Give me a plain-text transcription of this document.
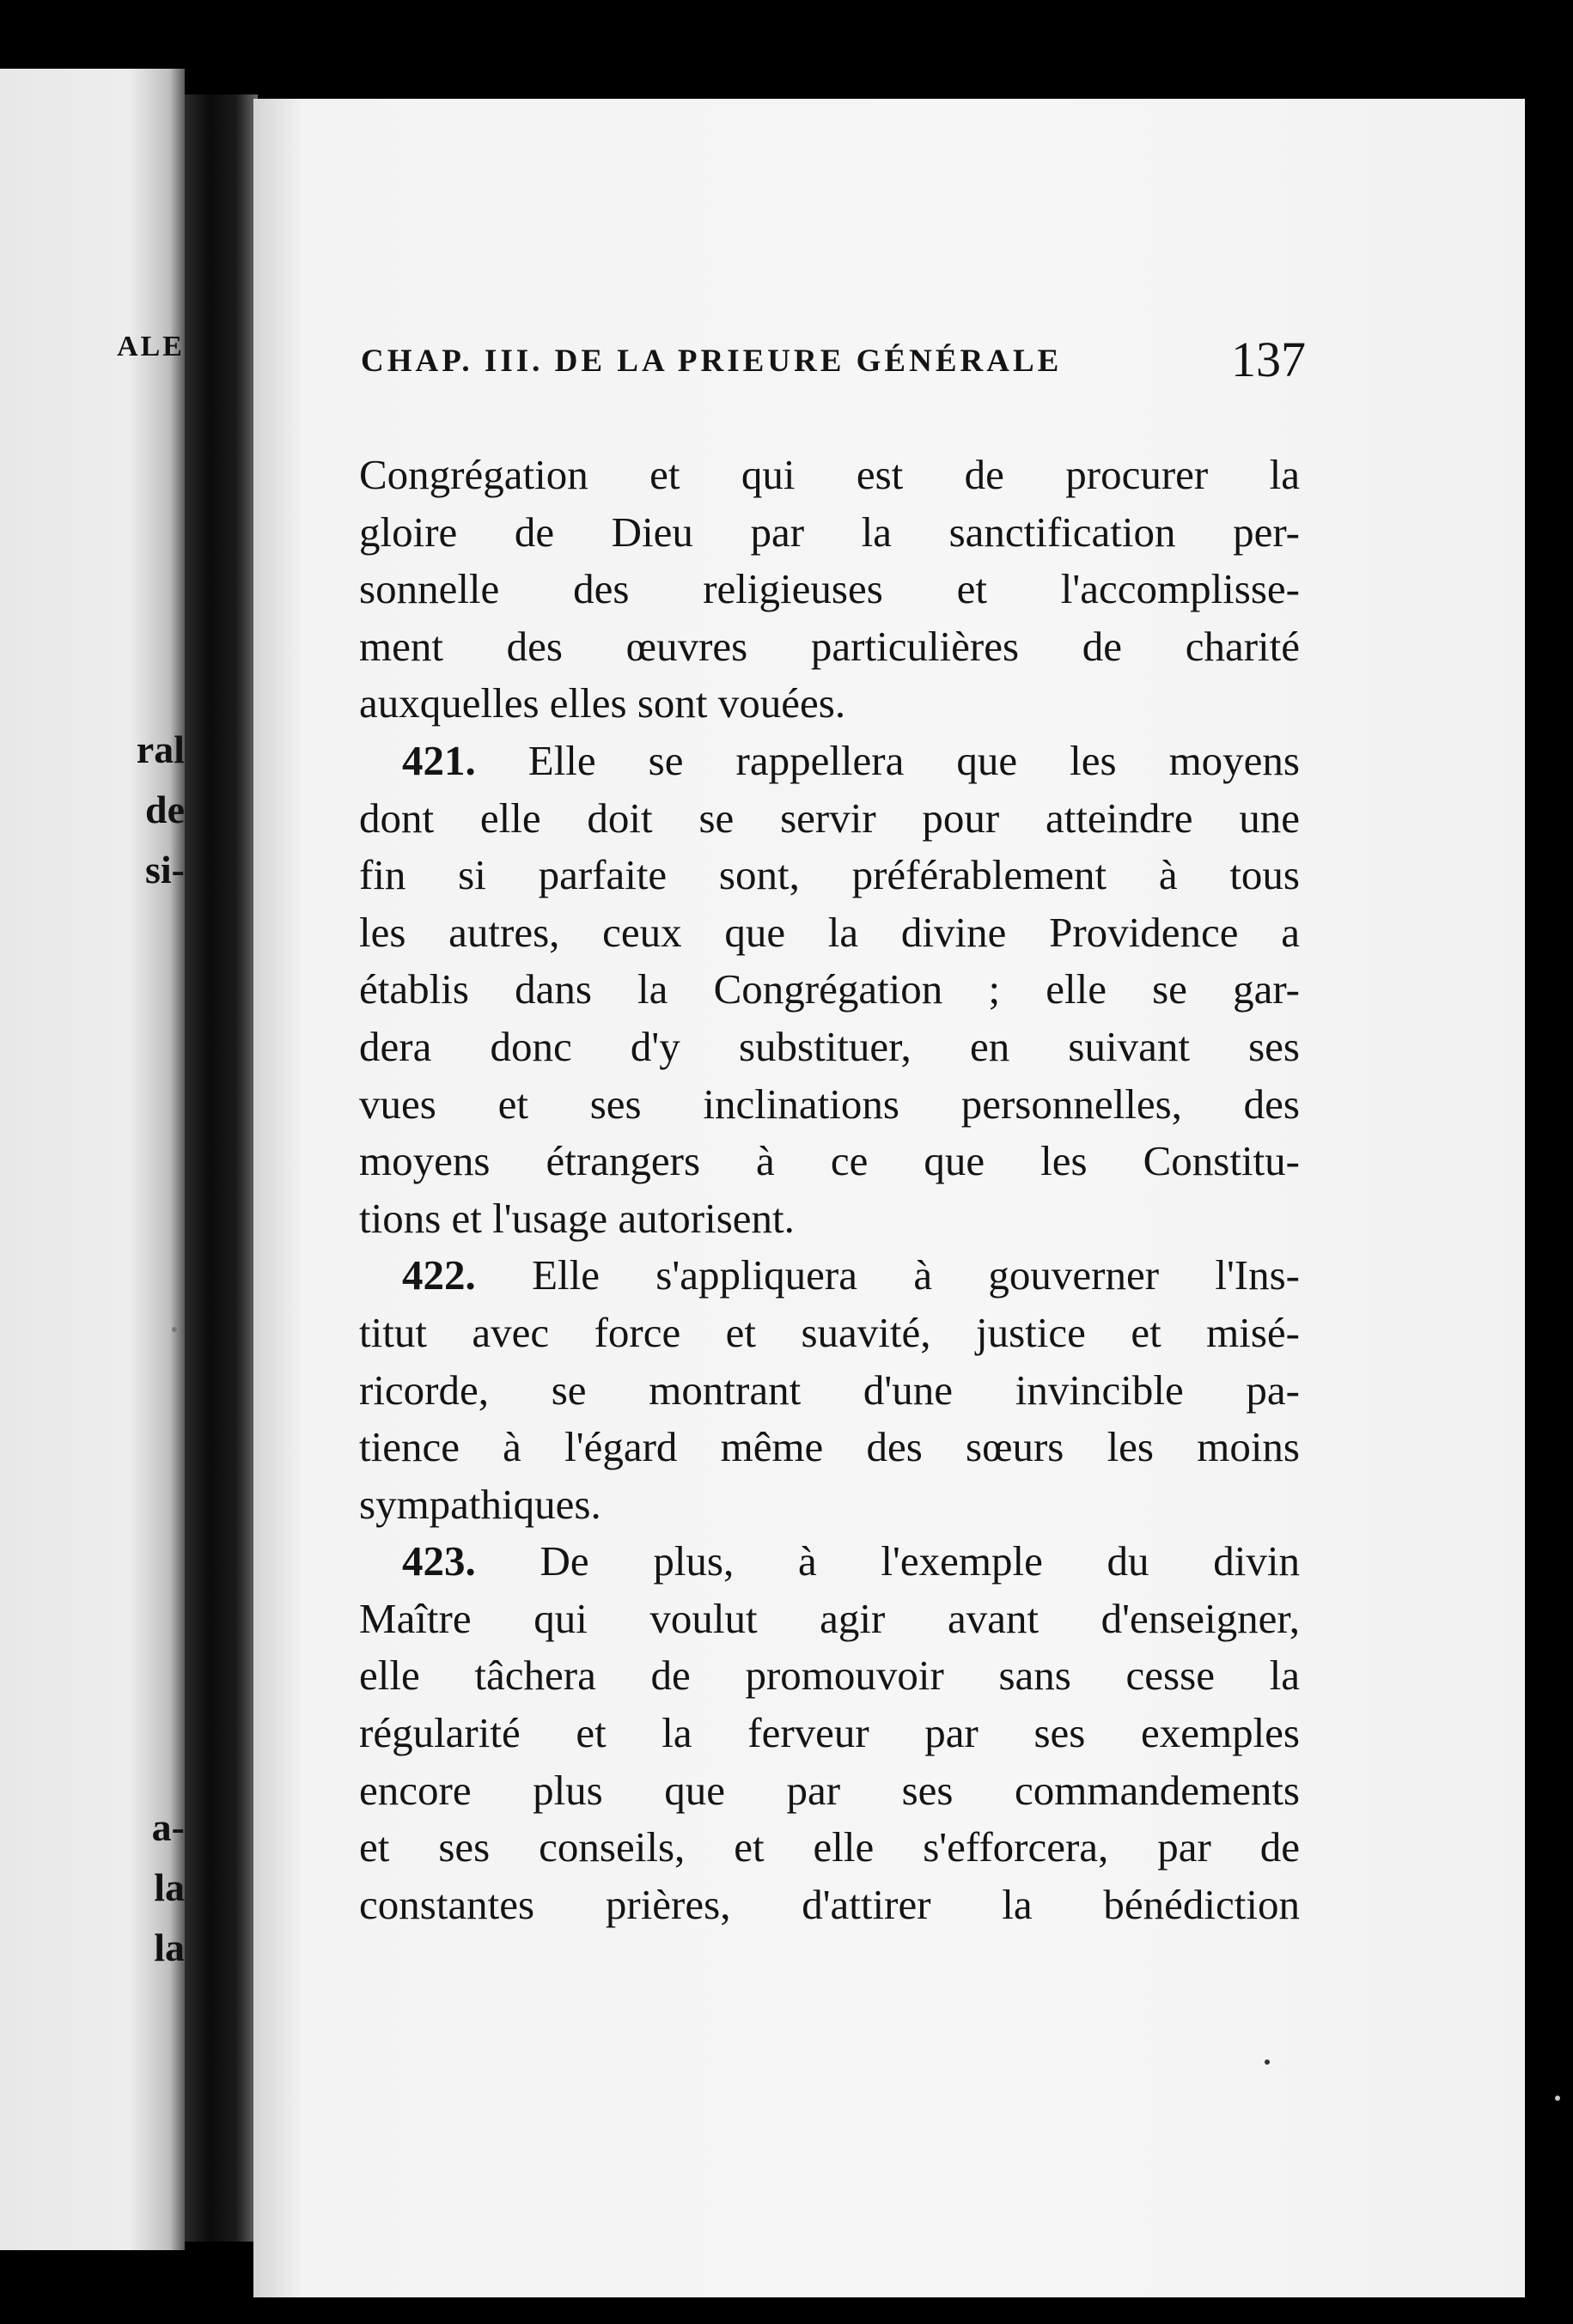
ALE
ral
de
si-
a-
la
la
CHAP. III. DE LA PRIEURE GÉNÉRALE	137
Congrégation et qui est de procurer la
gloire de Dieu par la sanctification per-
sonnelle des religieuses et l'accomplisse-
ment des œuvres particulières de charité
auxquelles elles sont vouées.
421. Elle se rappellera que les moyens
dont elle doit se servir pour atteindre une
fin si parfaite sont, préférablement à tous
les autres, ceux que la divine Providence a
établis dans la Congrégation ; elle se gar-
dera donc d'y substituer, en suivant ses
vues et ses inclinations personnelles, des
moyens étrangers à ce que les Constitu-
tions et l'usage autorisent.
422. Elle s'appliquera à gouverner l'Ins-
titut avec force et suavité, justice et misé-
ricorde, se montrant d'une invincible pa-
tience à l'égard même des sœurs les moins
sympathiques.
423. De plus, à l'exemple du divin
Maître qui voulut agir avant d'enseigner,
elle tâchera de promouvoir sans cesse la
régularité et la ferveur par ses exemples
encore plus que par ses commandements
et ses conseils, et elle s'efforcera, par de
constantes prières, d'attirer la bénédiction
